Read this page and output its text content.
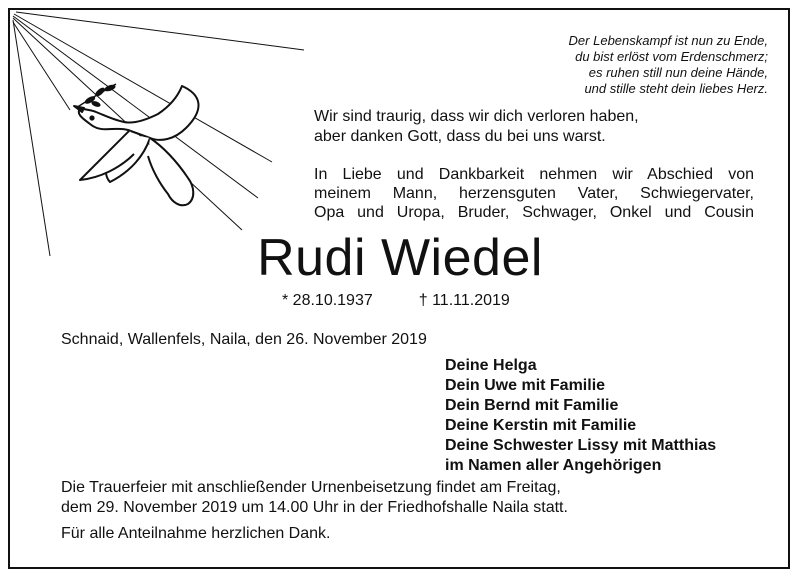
Der Lebenskampf ist nun zu Ende,
du bist erlöst vom Erdenschmerz;
es ruhen still nun deine Hände,
und stille steht dein liebes Herz.
Wir sind traurig, dass wir dich verloren haben,
aber danken Gott, dass du bei uns warst.
In Liebe und Dankbarkeit nehmen wir Abschied von
meinem Mann, herzensguten Vater, Schwiegervater,
Opa und Uropa, Bruder, Schwager, Onkel und Cousin
Rudi Wiedel
* 28.10.1937	† 11.11.2019
Schnaid, Wallenfels, Naila, den 26. November 2019
Deine Helga
Dein Uwe mit Familie
Dein Bernd mit Familie
Deine Kerstin mit Familie
Deine Schwester Lissy mit Matthias
im Namen aller Angehörigen
Die Trauerfeier mit anschließender Urnenbeisetzung findet am Freitag,
dem 29. November 2019 um 14.00 Uhr in der Friedhofshalle Naila statt.
Für alle Anteilnahme herzlichen Dank.
